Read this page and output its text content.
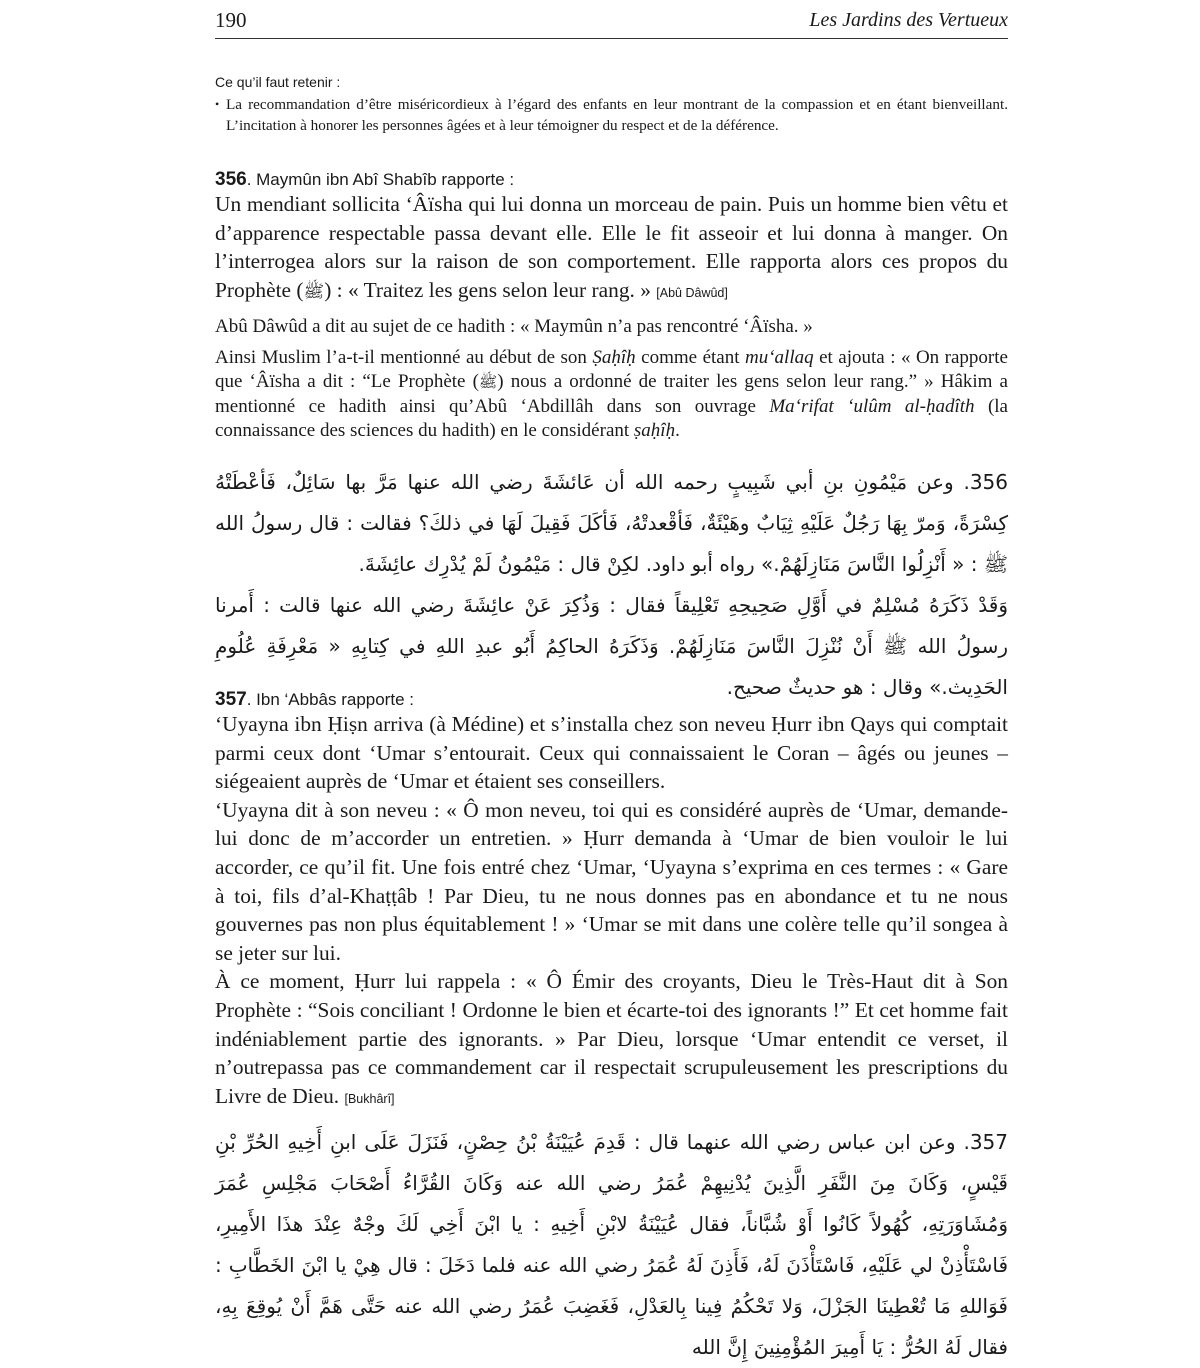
190	Les Jardins des Vertueux
Ce qu’il faut retenir :
• La recommandation d’être miséricordieux à l’égard des enfants en leur montrant de la compassion et en étant bienveillant. L’incitation à honorer les personnes âgées et à leur témoigner du respect et de la déférence.
356. Maymûn ibn Abî Shabîb rapporte :

Un mendiant sollicita ‘Âïsha qui lui donna un morceau de pain. Puis un homme bien vêtu et d’apparence respectable passa devant elle. Elle le fit asseoir et lui donna à manger. On l’interrogea alors sur la raison de son comportement. Elle rapporta alors ces propos du Prophète (ﷺ) : « Traitez les gens selon leur rang. » [Abû Dâwûd]

Abû Dâwûd a dit au sujet de ce hadith : « Maymûn n’a pas rencontré ‘Âïsha. »

Ainsi Muslim l’a-t-il mentionné au début de son Ṣaḥîḥ comme étant mu‘allaq et ajouta : « On rapporte que ‘Âïsha a dit : “Le Prophète (ﷺ) nous a ordonné de traiter les gens selon leur rang.” » Hâkim a mentionné ce hadith ainsi qu’Abû ‘Abdillâh dans son ouvrage Ma‘rifat ‘ulûm al-ḥadîth (la connaissance des sciences du hadith) en le considérant ṣaḥîḥ.

356. وعن مَيْمُونِ بنِ أبي شَبِيبٍ رحمه الله أن عَائشَةَ رضي الله عنها مَرَّ بها سَائِلٌ، فَأعْطَتْهُ كِسْرَةً، وَمرّ بِهَا رَجُلٌ عَلَيْهِ ثِيَابٌ وهَيْئَةٌ، فَأقْعدتْهُ، فَأكَلَ فَقِيلَ لَهَا في ذلكَ؟ فقالت : قال رسولُ الله ﷺ : « أَنْزِلُوا النَّاسَ مَنَازِلَهُمْ.» رواه أبو داود. لكِنْ قال : مَيْمُونُ لَمْ يُدْرِك عائِشَةَ.

وَقَدْ ذَكَرَهُ مُسْلِمٌ في أَوَّلِ صَحِيحِهِ تَعْلِيقاً فقال : وَذُكِرَ عَنْ عائِشَةَ رضي الله عنها قالت : أَمرنا رسولُ الله ﷺ أَنْ نُنْزِلَ النَّاسَ مَنَازِلَهُمْ. وَذَكَرَهُ الحاكِمُ أَبُو عبدِ اللهِ في كِتابِهِ « مَعْرِفَةِ عُلُومِ الحَدِيث.» وقال : هو حديثٌ صحيح.

357. Ibn ‘Abbâs rapporte :

‘Uyayna ibn Ḥiṣn arriva (à Médine) et s’installa chez son neveu Ḥurr ibn Qays qui comptait parmi ceux dont ‘Umar s’entourait. Ceux qui connaissaient le Coran – âgés ou jeunes – siégeaient auprès de ‘Umar et étaient ses conseillers.

‘Uyayna dit à son neveu : « Ô mon neveu, toi qui es considéré auprès de ‘Umar, demande-lui donc de m’accorder un entretien. » Ḥurr demanda à ‘Umar de bien vouloir le lui accorder, ce qu’il fit. Une fois entré chez ‘Umar, ‘Uyayna s’exprima en ces termes : « Gare à toi, fils d’al-Khaṭṭâb ! Par Dieu, tu ne nous donnes pas en abondance et tu ne nous gouvernes pas non plus équitablement ! » ‘Umar se mit dans une colère telle qu’il songea à se jeter sur lui.

À ce moment, Ḥurr lui rappela : « Ô Émir des croyants, Dieu le Très-Haut dit à Son Prophète : “Sois conciliant ! Ordonne le bien et écarte-toi des ignorants !” Et cet homme fait indéniablement partie des ignorants. » Par Dieu, lorsque ‘Umar entendit ce verset, il n’outrepassa pas ce commandement car il respectait scrupuleusement les prescriptions du Livre de Dieu. [Bukhârî]

357. وعن ابن عباس رضي الله عنهما قال : قَدِمَ عُيَيْنَةُ بْنُ حِصْنٍ، فَنَزَلَ عَلَى ابنِ أَخِيهِ الحُرِّ بْنِ قَيْسٍ، وَكَانَ مِنَ النَّفَرِ الَّذِينَ يُدْنِيهِمْ عُمَرُ رضي الله عنه وَكَانَ القُرَّاءُ أَصْحَابَ مَجْلِسِ عُمَرَ وَمُشَاوَرَتِهِ، كُهُولاً كَانُوا أَوْ شُبَّاناً، فقال عُيَيْنَةُ لابْنِ أَخِيهِ : يا ابْنَ أَخِي لَكَ وجْهٌ عِنْدَ هذَا الأَمِيرِ، فَاسْتَأْذِنْ لي عَلَيْهِ، فَاسْتَأْذَنَ لَهُ، فَأَذِنَ لَهُ عُمَرُ رضي الله عنه فلما دَخَلَ : قال هِيْ يا ابْنَ الخَطَّابِ : فَوَاللهِ مَا تُعْطِينَا الجَزْلَ، وَلا تَحْكُمُ فِينا بِالعَدْلِ، فَغَضِبَ عُمَرُ رضي الله عنه حَتَّى هَمَّ أَنْ يُوقِعَ بِهِ، فقال لَهُ الحُرُّ : يَا أَمِيرَ المُؤْمِنِينَ إِنَّ الله
